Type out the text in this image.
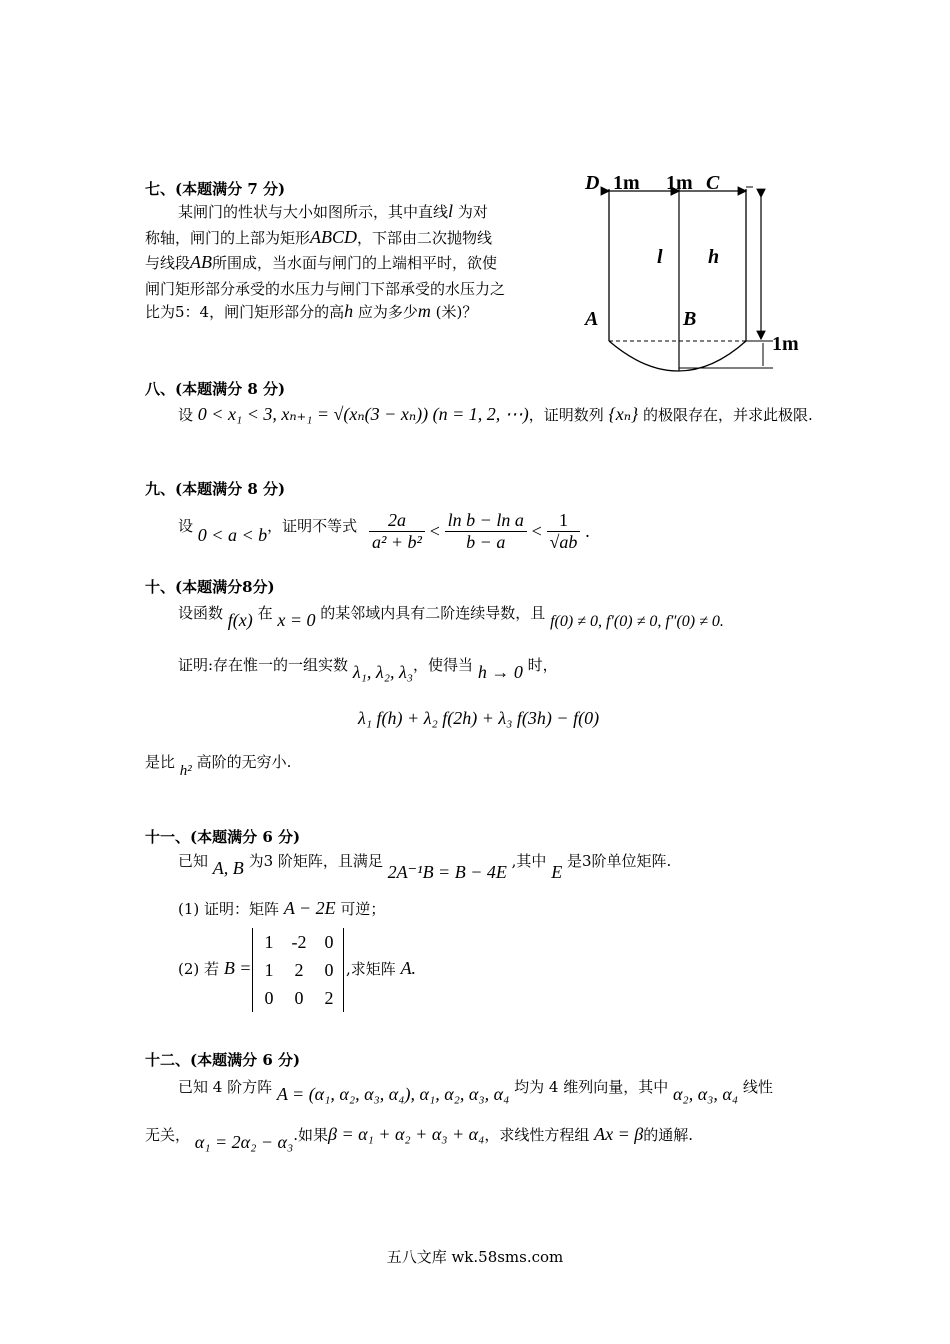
七、(本题满分 7 分)
某闸门的性状与大小如图所示，其中直线l 为对
称轴，闸门的上部为矩形ABCD，下部由二次抛物线
与线段AB所围成，当水面与闸门的上端相平时，欲使
闸门矩形部分承受的水压力与闸门下部承受的水压力之
比为5：4，闸门矩形部分的高h 应为多少m (米)？
D 1m 1m C
l h
A	B
1m
八、(本题满分 8 分)
设 0 < x₁ < 3, xₙ₊₁ = √(xₙ(3 − xₙ)) (n = 1, 2, ⋯)，证明数列 {xₙ} 的极限存在，并求此极限.
九、(本题满分 8 分)
设 0 < a < b，证明不等式 $\frac{2a}{\text{a² + b²}} < \frac{\text{ln b − ln a}}{b - a} < \frac{1}{√ab}$ .
十、(本题满分8分)
设函数 f(x) 在 x = 0 的某邻域内具有二阶连续导数，且 f(0) ≠ 0, f′(0) ≠ 0, f″(0) ≠ 0.
证明:存在惟一的一组实数 λ₁, λ₂, λ₃，使得当 h → 0 时，
λ₁ f(h) + λ₂ f(2h) + λ₃ f(3h) − f(0)
是比 h² 高阶的无穷小.
十一、(本题满分 6 分)
已知 A, B 为3 阶矩阵，且满足 2A⁻¹B = B − 4E ,其中 E 是3阶单位矩阵.
(1) 证明：矩阵 A − 2E 可逆；
(2) 若 B =
1 -2 0
1 2 0
0 0 2
,求矩阵 A.
十二、(本题满分 6 分)
已知 4 阶方阵 A = (α₁, α₂, α₃, α₄), α₁, α₂, α₃, α₄ 均为 4 维列向量，其中 α₂, α₃, α₄ 线性
无关， α₁ = 2α₂ − α₃.如果β = α₁ + α₂ + α₃ + α₄，求线性方程组 Ax = β的通解.
五八文库 wk.58sms.com
